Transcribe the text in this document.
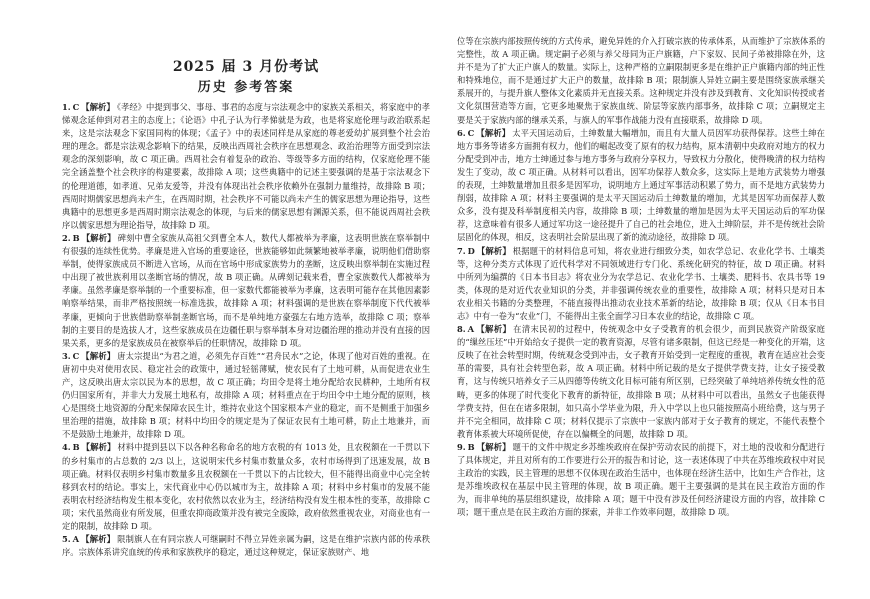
2025 届 3 月份考试
历史 参考答案

1. C 【解析】 《孝经》中提到事父、事母、事君的态度与宗法观念中的家族关系相关，将家庭中的孝悌观念延伸到对君主的态度上；《论语》中孔子认为行孝悌就是为政，也是将家庭伦理与政治联系起来，这是宗法观念下家国同构的体现；《孟子》中的表述同样是从家庭的尊老爱幼扩展到整个社会治理的理念。都是宗法观念影响下的结果，反映出西周社会秩序在思想观念、政治治理等方面受到宗法观念的深刻影响，故 C 项正确。西周社会有着复杂的政治、等级等多方面的结构，仅家庭伦理不能完全涵盖整个社会秩序的构建要素，故排除 A 项；这些典籍中的记述主要强调的是基于宗法观念下的伦理道德，如孝道、兄弟友爱等，并没有体现出社会秩序依赖外在强制力量维持，故排除 B 项；西周时期儒家思想尚未产生，在西周时期，社会秩序不可能以尚未产生的儒家思想为理论指导，这些典籍中的思想更多是西周时期宗法观念的体现，与后来的儒家思想有渊源关系，但不能说西周社会秩序以儒家思想为理论指导，故排除 D 项。

2. B 【解析】 碑刻中曹全家族从高祖父到曹全本人，数代人都被举为孝廉，这表明世族在察举制中有很强的连续性优势。孝廉是进入官场的重要途径，世族能够如此频繁地被举孝廉，说明他们借助察举制，使得家族成员不断进入官场，从而在官场中形成家族势力的垄断，这反映出察举制在实施过程中出现了被世族利用以垄断官场的情况，故 B 项正确。从碑刻记载来看，曹全家族数代人都被举为孝廉。虽然孝廉是察举制的一个重要标准，但一家数代都能被举为孝廉，这表明可能存在其他因素影响察举结果，而非严格按照统一标准选拔，故排除 A 项；材料强调的是世族在察举制度下代代被举孝廉，更倾向于世族借助察举制垄断官场，而不是单纯地方豪强左右地方选举，故排除 C 项；察举制的主要目的是选拔人才，这些家族成员在边疆任职与察举制本身对边疆治理的推动并没有直接的因果关系，更多的是家族成员在被察举后的任职情况，故排除 D 项。

3. C 【解析】 唐太宗提出“为君之道，必须先存百姓”“君舟民水”之论，体现了他对百姓的重视。在唐初中央对使用农民、稳定社会的政策中，通过轻徭薄赋，使农民有了土地可耕，从而促进农业生产，这反映出唐太宗以民为本的思想，故 C 项正确；均田令是将土地分配给农民耕种，土地所有权仍归国家所有，并非大力发展土地私有，故排除 A 项；材料重点在于均田令中土地分配的原则，核心是围绕土地资源的分配来保障农民生计，维持农业这个国家根本产业的稳定，而不是侧重于加强乡里治理的措施，故排除 B 项；材料中均田令的规定是为了保证农民有土地可耕，防止土地兼并，而不是鼓励土地兼并，故排除 D 项。

4. B 【解析】 材料中提到县以下以各种名称命名的地方农税的有 1013 处，且农税额在一千贯以下的乡村集市的占总数的 2/3 以上，这说明宋代乡村集市数量众多，农村市场得到了迅速发展，故 B 项正确。材料仅表明乡村集市数量多且农税额在一千贯以下的占比较大，但不能得出商业中心完全转移到农村的结论。事实上，宋代商业中心仍以城市为主，故排除 A 项；材料中乡村集市的发展不能表明农村经济结构发生根本变化，农村依然以农业为主，经济结构没有发生根本性的变革，故排除 C 项；宋代虽然商业有所发展，但重农抑商政策并没有被完全废除，政府依然重视农业，对商业也有一定的限制，故排除 D 项。

5. A 【解析】 限制旗人在有同宗族人可继嗣时不得立异姓亲属为嗣，这是在维护宗族内部的传承秩序。宗族体系讲究血统的传承和家族秩序的稳定，通过这种规定，保证家族财产、地

位等在宗族内部按照传统的方式传承，避免异姓的介入打破宗族的传承体系，从而维护了宗族体系的完整性，故 A 项正确。规定嗣子必须与养父母同为正户旗籍，户下家奴、民间子弟被排除在外，这并不是为了扩大正户旗人的数量。实际上，这种严格的立嗣限制更多是在维护正户旗籍内部的纯正性和特殊地位，而不是通过扩大正户的数量，故排除 B 项；限制旗人异姓立嗣主要是围绕家族承继关系展开的，与提升旗人整体文化素质并无直接关系。这种规定并没有涉及到教育、文化知识传授或者文化氛围营造等方面，它更多地聚焦于家族血统、阶层等家族内部事务，故排除 C 项；立嗣规定主要是关于家族内部的继承关系，与旗人的军事作战能力没有直接联系，故排除 D 项。

6. C 【解析】 太平天国运动后，土绅数量大幅增加，而且有大量人员因军功获得保荐。这些土绅在地方事务等诸多方面拥有权力，他们的崛起改变了原有的权力结构，原本清朝中央政府对地方的权力分配受到冲击，地方士绅通过参与地方事务与政府分享权力，导致权力分散化，使得晚清的权力结构发生了变动，故 C 项正确。从材料可以看出，因军功保荐人数众多，这实际上是地方武装势力增强的表现，土绅数量增加且很多是因军功，说明地方上通过军事活动积累了势力，而不是地方武装势力削弱，故排除 A 项；材料主要强调的是太平天国运动后土绅数量的增加，尤其是因军功而保荐人数众多，没有提及科举制度相关内容，故排除 B 项；土绅数量的增加是因为太平天国运动后的军功保荐，这意味着有很多人通过军功这一途径提升了自己的社会地位，进入土绅阶层，并不是传统社会阶层固化的体现，相反，这表明社会阶层出现了新的流动途径，故排除 D 项。

7. D 【解析】 根据题干的材料信息可知，将农业进行细致分类，如农学总记、农业化学书、土壤类等，这种分类方式体现了近代科学对不同领域进行专门化、系统化研究的特征，故 D 项正确。材料中所列为编撰的《日本书目志》将农业分为农学总记、农业化学书、土壤类、肥料书、农具书等 19 类，体现的是对近代农业知识的分类，并非强调传统农业的重要性，故排除 A 项；材料只是对日本农业相关书籍的分类整理，不能直接得出推动农业技术革新的结论，故排除 B 项；仅从《日本书目志》中有一卷为“农业”门，不能得出主张全面学习日本农业的结论，故排除 C 项。

8. A 【解析】 在清末民初的过程中，传统观念中女子受教育的机会很少，而到民族资产阶级家庭的“缫丝压坯”中开始给女子提供一定的教育资源，尽管有诸多限制，但这已经是一种变化的开端，这反映了在社会转型时期，传统观念受到冲击，女子教育开始受到一定程度的重视，教育在适应社会变革的需要，具有社会转型色彩，故 A 项正确。材料中所记载的是女子提供学费支持，让女子接受教育，这与传统只培养女子三从四德等传统文化目标可能有所区别，已经突破了单纯培养传统女性的范畴，更多的体现了时代变化下教育的新特征，故排除 B 项；从材料中可以看出，虽然女子也能获得学费支持，但在在诸多限制，如只高小学毕业为限，升入中学以上也只能按照高小班给费，这与男子并不完全相同，故排除 C 项；材料仅提示了宗族中一家族内部对于女子教育的规定，不能代表整个教育体系被大环境所促使，存在以偏概全的问题，故排除 D 项。

9. B 【解析】 题干的文件中规定乡苏维埃政府在保护劳动农民的前提下，对土地的没收和分配进行了具体规定，并且对所有的工作要进行公开的报告和讨论，这一表述体现了中共在苏维埃政权中对民主政治的实践，民主管理的思想不仅体现在政治生活中，也体现在经济生活中，比如生产合作社，这是苏维埃政权在基层中民主管理的体现，故 B 项正确。题干主要强调的是其在民主政治方面的作为，而非单纯的基层组织建设，故排除 A 项；题干中没有涉及任何经济建设方面的内容，故排除 C 项；题干重点是在民主政治方面的探索，并非工作效率问题，故排除 D 项。
